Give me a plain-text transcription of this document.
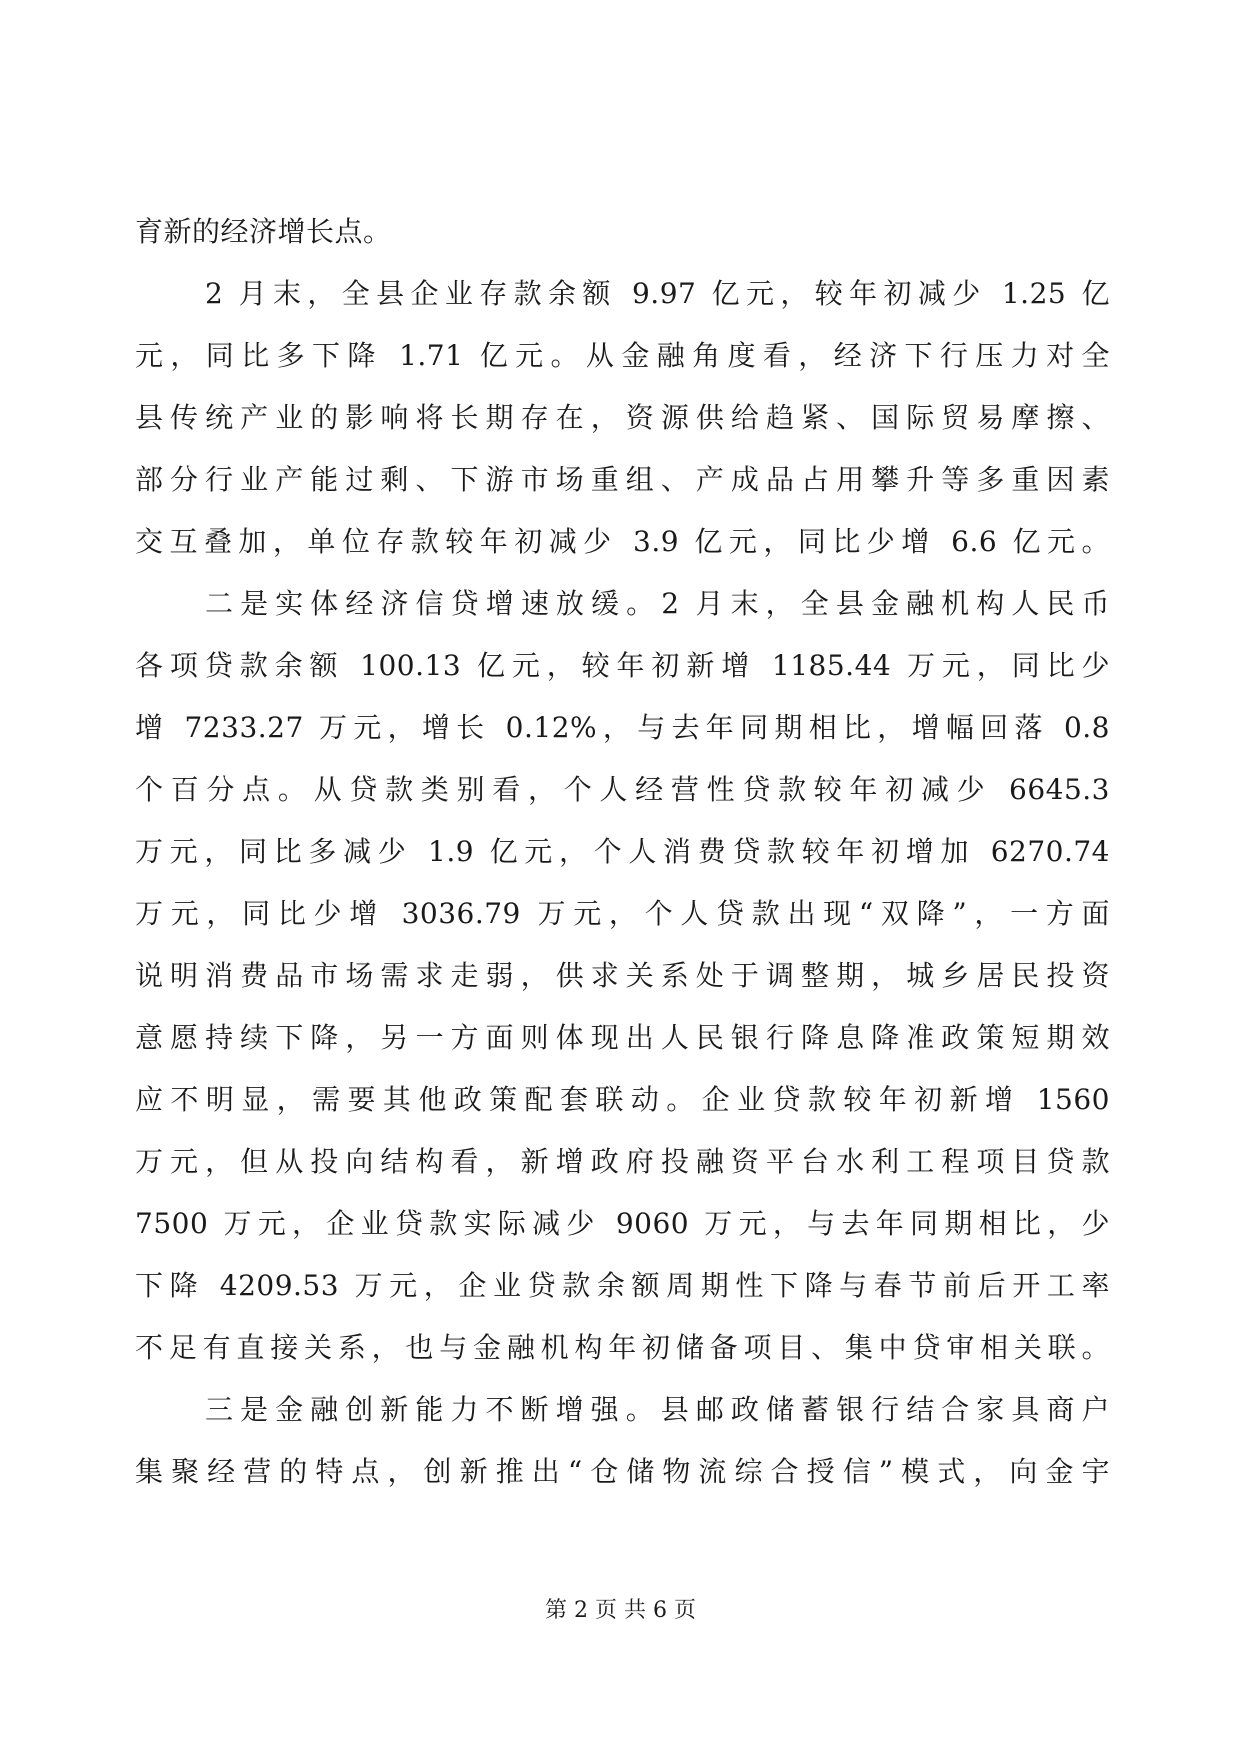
育新的经济增长点。
2 月末，全县企业存款余额 9.97 亿元，较年初减少 1.25 亿
元，同比多下降 1.71 亿元。从金融角度看，经济下行压力对全
县传统产业的影响将长期存在，资源供给趋紧、国际贸易摩擦、
部分行业产能过剩、下游市场重组、产成品占用攀升等多重因素
交互叠加，单位存款较年初减少 3.9 亿元，同比少增 6.6 亿元。
二是实体经济信贷增速放缓。2 月末，全县金融机构人民币
各项贷款余额 100.13 亿元，较年初新增 1185.44 万元，同比少
增 7233.27 万元，增长 0.12%，与去年同期相比，增幅回落 0.8
个百分点。从贷款类别看，个人经营性贷款较年初减少 6645.3
万元，同比多减少 1.9 亿元，个人消费贷款较年初增加 6270.74
万元，同比少增 3036.79 万元，个人贷款出现“双降”，一方面
说明消费品市场需求走弱，供求关系处于调整期，城乡居民投资
意愿持续下降，另一方面则体现出人民银行降息降准政策短期效
应不明显，需要其他政策配套联动。企业贷款较年初新增 1560
万元，但从投向结构看，新增政府投融资平台水利工程项目贷款
7500 万元，企业贷款实际减少 9060 万元，与去年同期相比，少
下降 4209.53 万元，企业贷款余额周期性下降与春节前后开工率
不足有直接关系，也与金融机构年初储备项目、集中贷审相关联。
三是金融创新能力不断增强。县邮政储蓄银行结合家具商户
集聚经营的特点，创新推出“仓储物流综合授信”模式，向金宇
第 2 页 共 6 页
